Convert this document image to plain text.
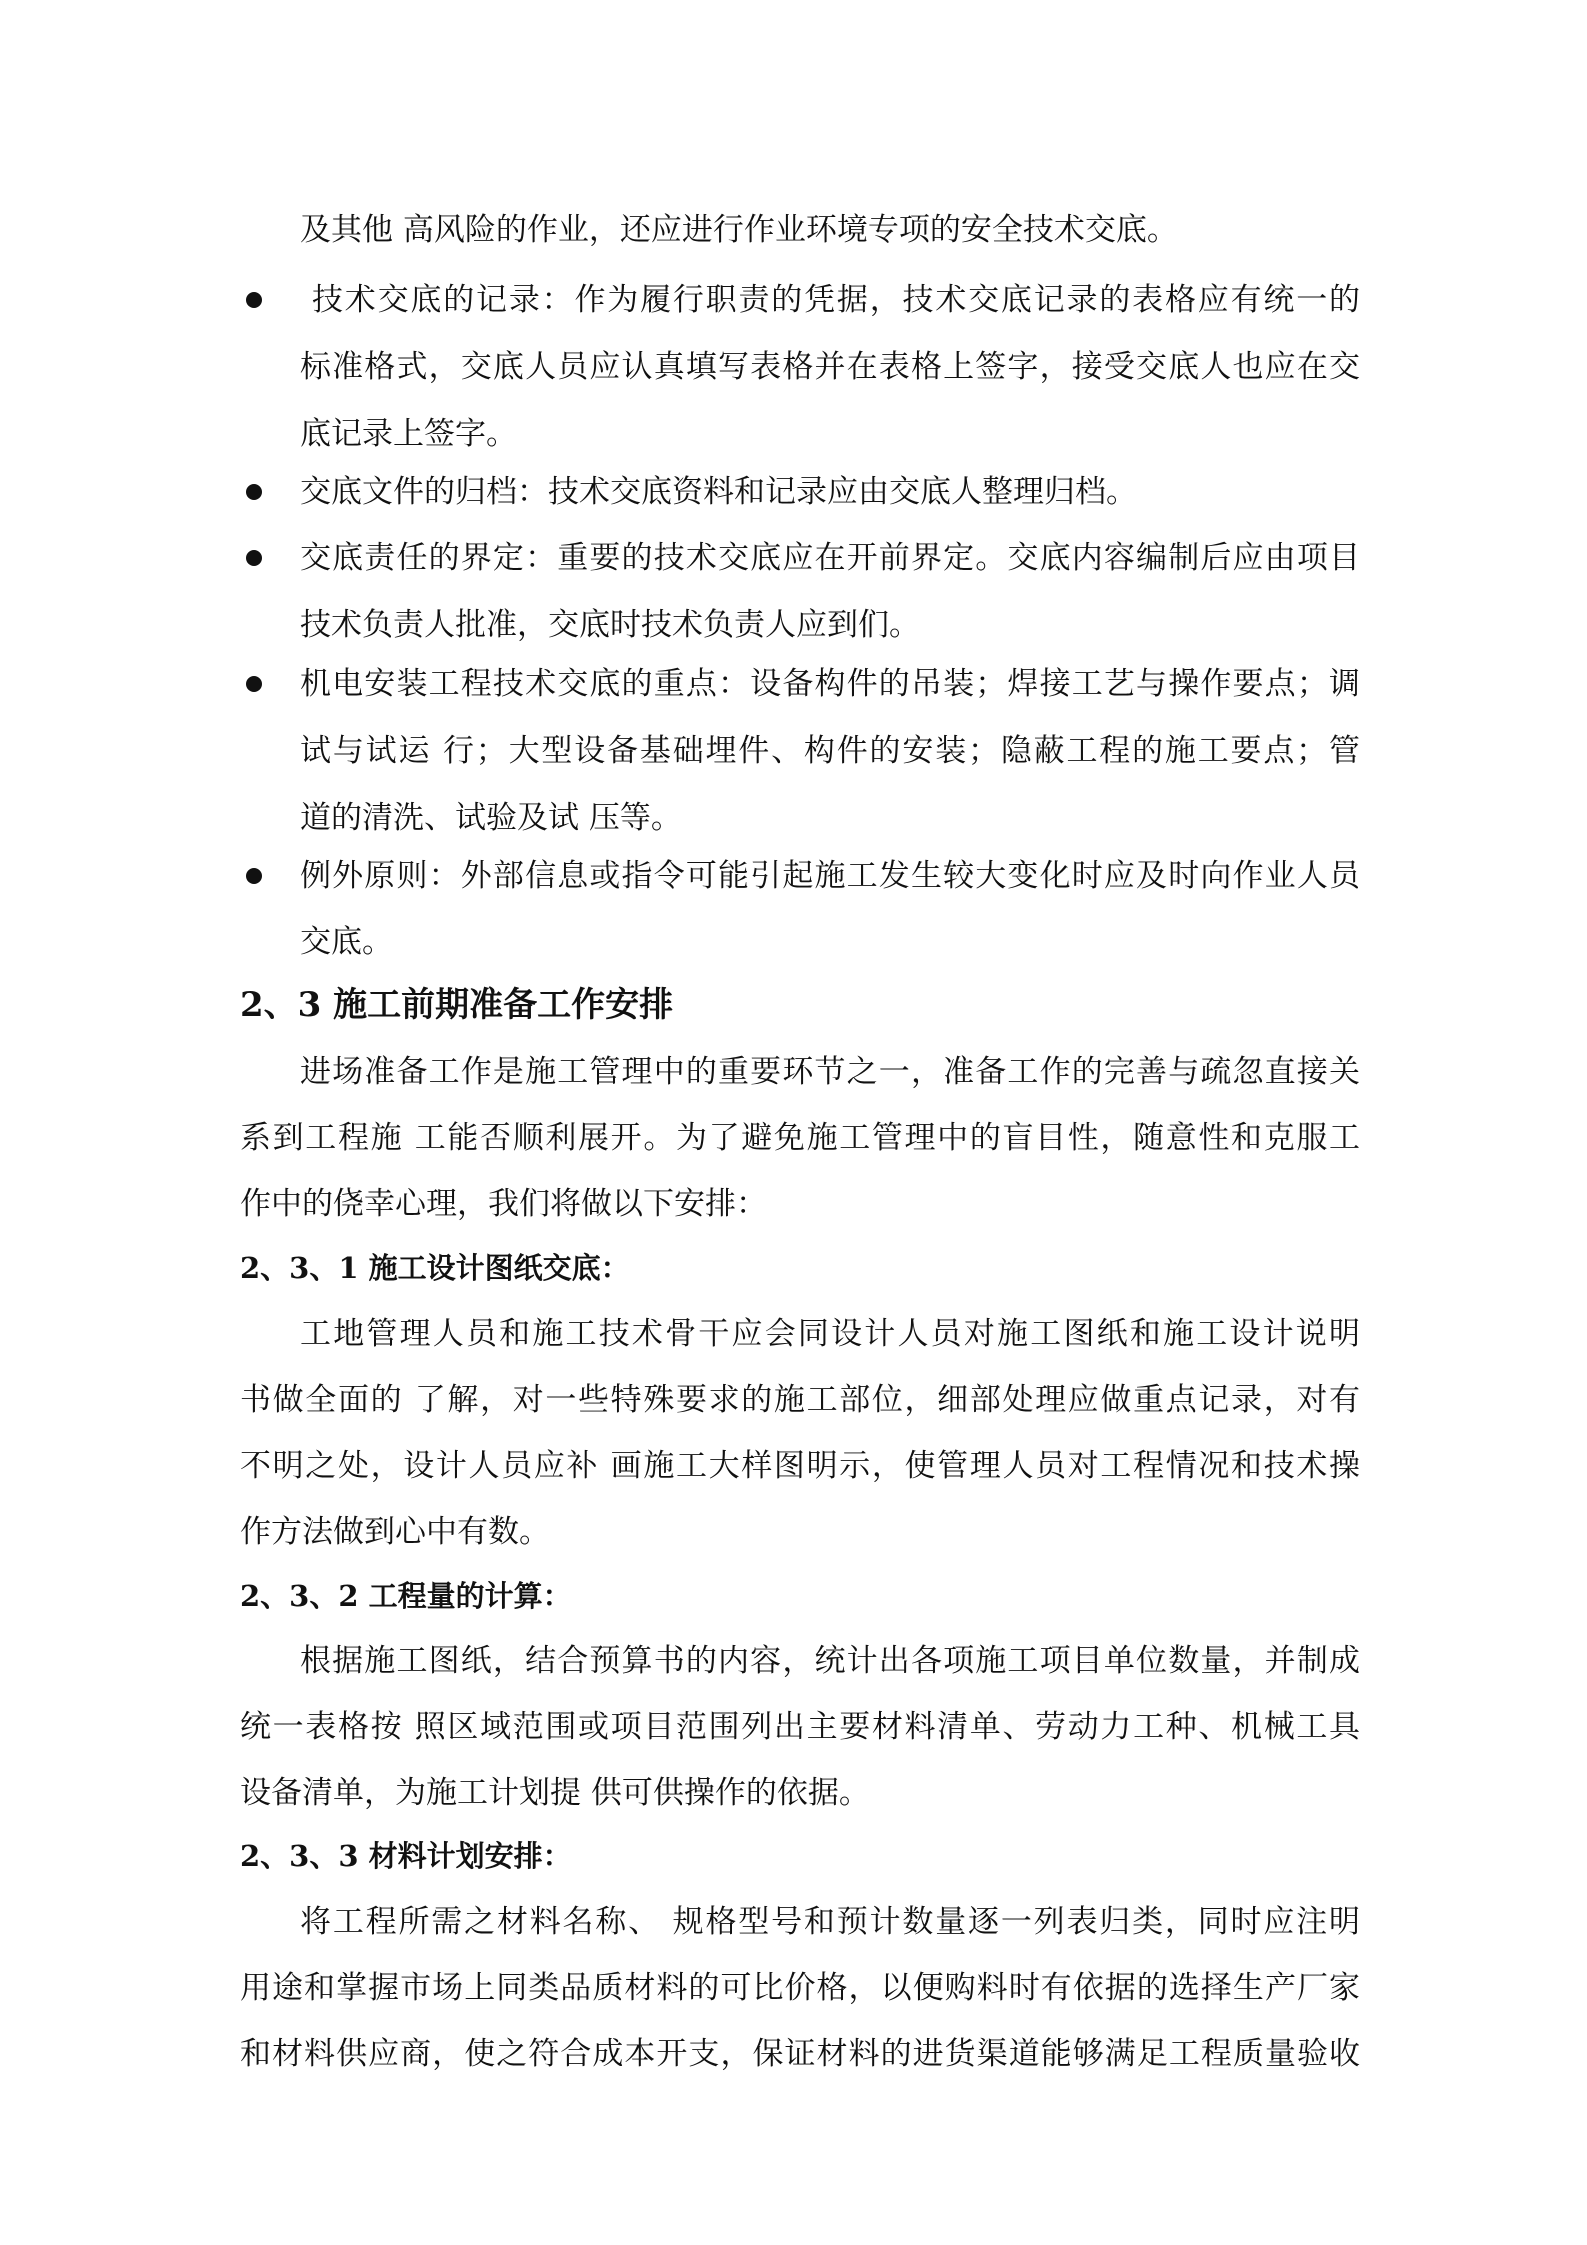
及其他 高风险的作业，还应进行作业环境专项的安全技术交底。
技术交底的记录：作为履行职责的凭据，技术交底记录的表格应有统一的
标准格式，交底人员应认真填写表格并在表格上签字，接受交底人也应在交
底记录上签字。
交底文件的归档：技术交底资料和记录应由交底人整理归档。
交底责任的界定：重要的技术交底应在开前界定。交底内容编制后应由项目
技术负责人批准，交底时技术负责人应到们。
机电安装工程技术交底的重点：设备构件的吊装；焊接工艺与操作要点；调
试与试运 行；大型设备基础埋件、构件的安装；隐蔽工程的施工要点；管
道的清洗、试验及试 压等。
例外原则：外部信息或指令可能引起施工发生较大变化时应及时向作业人员
交底。
2、3 施工前期准备工作安排
进场准备工作是施工管理中的重要环节之一，准备工作的完善与疏忽直接关
系到工程施 工能否顺利展开。为了避免施工管理中的盲目性，随意性和克服工
作中的侥幸心理，我们将做以下安排：
2、3、1 施工设计图纸交底：
工地管理人员和施工技术骨干应会同设计人员对施工图纸和施工设计说明
书做全面的 了解，对一些特殊要求的施工部位，细部处理应做重点记录，对有
不明之处，设计人员应补 画施工大样图明示，使管理人员对工程情况和技术操
作方法做到心中有数。
2、3、2 工程量的计算：
根据施工图纸，结合预算书的内容，统计出各项施工项目单位数量，并制成
统一表格按 照区域范围或项目范围列出主要材料清单、劳动力工种、机械工具
设备清单，为施工计划提 供可供操作的依据。
2、3、3 材料计划安排：
将工程所需之材料名称、 规格型号和预计数量逐一列表归类，同时应注明
用途和掌握市场上同类品质材料的可比价格，以便购料时有依据的选择生产厂家
和材料供应商，使之符合成本开支，保证材料的进货渠道能够满足工程质量验收
